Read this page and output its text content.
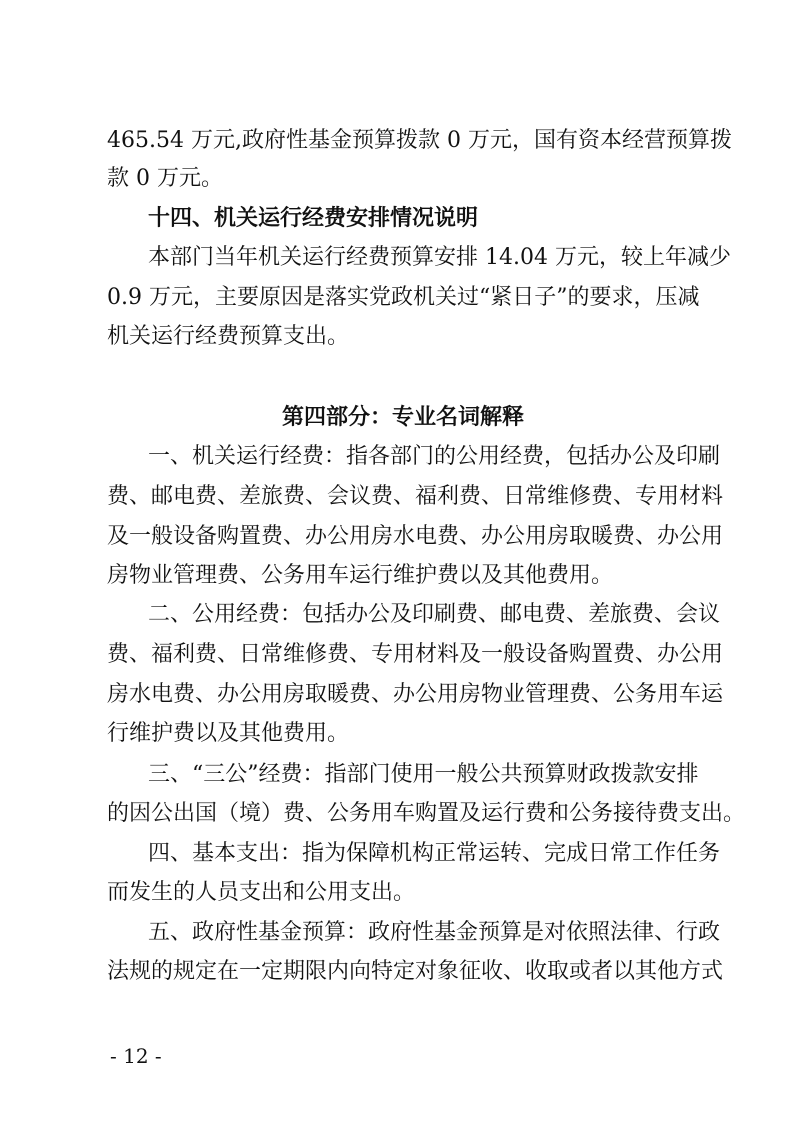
465.54 万元,政府性基金预算拨款 0 万元，国有资本经营预算拨
款 0 万元。
十四、机关运行经费安排情况说明
本部门当年机关运行经费预算安排 14.04 万元，较上年减少
0.9 万元，主要原因是落实党政机关过“紧日子”的要求，压减
机关运行经费预算支出。
第四部分：专业名词解释
一、机关运行经费：指各部门的公用经费，包括办公及印刷
费、邮电费、差旅费、会议费、福利费、日常维修费、专用材料
及一般设备购置费、办公用房水电费、办公用房取暖费、办公用
房物业管理费、公务用车运行维护费以及其他费用。
二、公用经费：包括办公及印刷费、邮电费、差旅费、会议
费、福利费、日常维修费、专用材料及一般设备购置费、办公用
房水电费、办公用房取暖费、办公用房物业管理费、公务用车运
行维护费以及其他费用。
三、“三公”经费：指部门使用一般公共预算财政拨款安排
的因公出国（境）费、公务用车购置及运行费和公务接待费支出。
四、基本支出：指为保障机构正常运转、完成日常工作任务
而发生的人员支出和公用支出。
五、政府性基金预算：政府性基金预算是对依照法律、行政
法规的规定在一定期限内向特定对象征收、收取或者以其他方式
- 12 -
